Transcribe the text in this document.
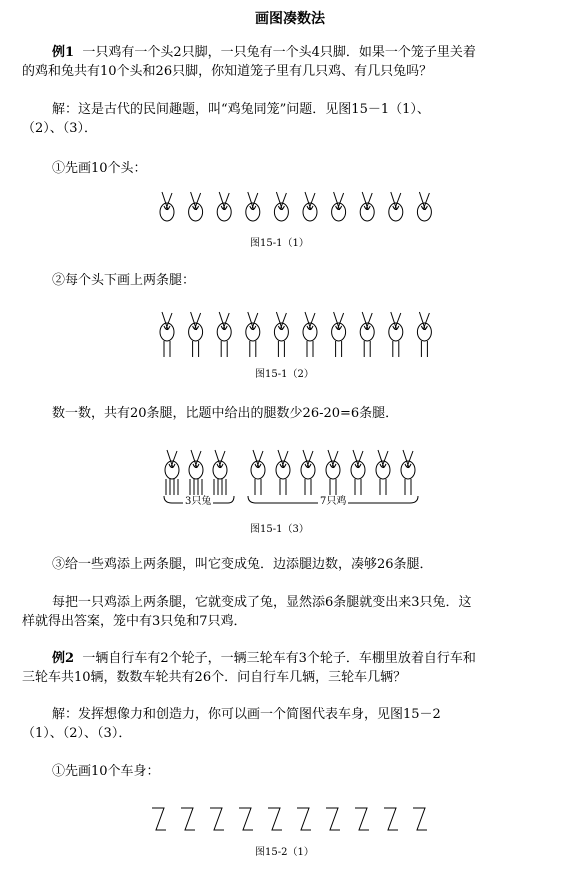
画图凑数法
例1 一只鸡有一个头2只脚，一只兔有一个头4只脚．如果一个笼子里关着
的鸡和兔共有10个头和26只脚，你知道笼子里有几只鸡、有几只兔吗？
解：这是古代的民间趣题，叫“鸡兔同笼”问题．见图15－1（1）、
（2）、（3）．
①先画10个头：
图15-1（1）
②每个头下画上两条腿：
图15-1（2）
数一数，共有20条腿，比题中给出的腿数少26-20=6条腿．
3只兔	7只鸡
图15-1（3）
③给一些鸡添上两条腿，叫它变成兔．边添腿边数，凑够26条腿．
每把一只鸡添上两条腿，它就变成了兔，显然添6条腿就变出来3只兔．这
样就得出答案，笼中有3只兔和7只鸡．
例2 一辆自行车有2个轮子，一辆三轮车有3个轮子．车棚里放着自行车和
三轮车共10辆，数数车轮共有26个．问自行车几辆，三轮车几辆？
解：发挥想像力和创造力，你可以画一个简图代表车身，见图15－2
（1）、（2）、（3）．
①先画10个车身：
图15-2（1）
